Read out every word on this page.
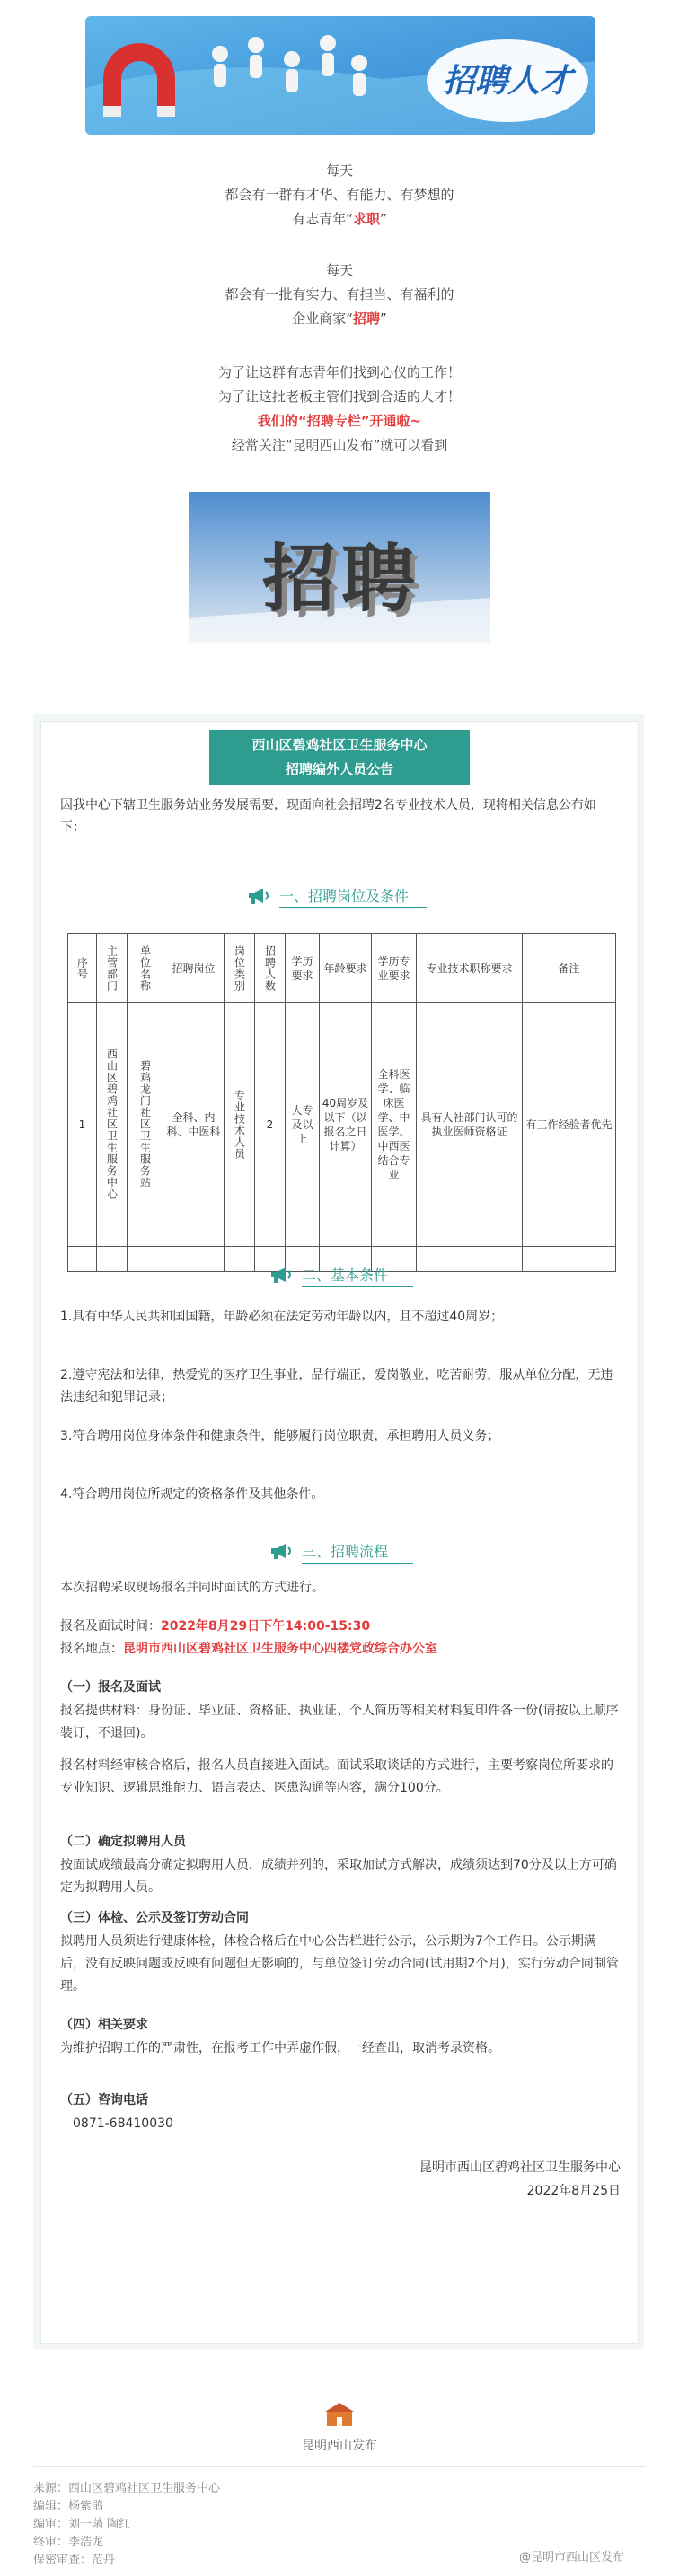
招聘人才
每天
都会有一群有才华、有能力、有梦想的
有志青年“求职”
每天
都会有一批有实力、有担当、有福利的
企业商家“招聘”
为了让这群有志青年们找到心仪的工作！
为了让这批老板主管们找到合适的人才！
我们的“招聘专栏”开通啦~
经常关注“昆明西山发布”就可以看到
招聘
西山区碧鸡社区卫生服务中心
招聘编外人员公告
因我中心下辖卫生服务站业务发展需要，现面向社会招聘2名专业技术人员，现将相关信息公布如下：
一、招聘岗位及条件
序号	主管部门	单位名称	招聘岗位	岗位类别	招聘人数	学历要求	年龄要求	学历专业要求	专业技术职称要求	备注
1	西山区碧鸡社区卫生服务中心	碧鸡龙门社区卫生服务站	全科、内科、中医科	专业技术人员	2	大专及以上	40周岁及以下（以报名之日计算）	全科医学、临床医学、中医学、中西医结合专业	具有人社部门认可的执业医师资格证	有工作经验者优先

二、基本条件
1.具有中华人民共和国国籍，年龄必须在法定劳动年龄以内，且不超过40周岁；
2.遵守宪法和法律，热爱党的医疗卫生事业，品行端正，爱岗敬业，吃苦耐劳，服从单位分配，无违法违纪和犯罪记录；
3.符合聘用岗位身体条件和健康条件，能够履行岗位职责，承担聘用人员义务；
4.符合聘用岗位所规定的资格条件及其他条件。
三、招聘流程
本次招聘采取现场报名并同时面试的方式进行。
报名及面试时间：2022年8月29日下午14:00-15:30
报名地点：昆明市西山区碧鸡社区卫生服务中心四楼党政综合办公室
（一）报名及面试
报名提供材料：身份证、毕业证、资格证、执业证、个人简历等相关材料复印件各一份(请按以上顺序装订，不退回)。
报名材料经审核合格后，报名人员直接进入面试。面试采取谈话的方式进行，主要考察岗位所要求的专业知识、逻辑思维能力、语言表达、医患沟通等内容，满分100分。
（二）确定拟聘用人员
按面试成绩最高分确定拟聘用人员，成绩并列的，采取加试方式解决，成绩须达到70分及以上方可确定为拟聘用人员。
（三）体检、公示及签订劳动合同
拟聘用人员须进行健康体检，体检合格后在中心公告栏进行公示，公示期为7个工作日。公示期满后，没有反映问题或反映有问题但无影响的，与单位签订劳动合同(试用期2个月)，实行劳动合同制管理。
（四）相关要求
为维护招聘工作的严肃性，在报考工作中弄虚作假，一经查出，取消考录资格。
（五）咨询电话
0871-68410030
昆明市西山区碧鸡社区卫生服务中心
2022年8月25日
昆明西山发布
来源：西山区碧鸡社区卫生服务中心
编辑：杨紫鹃
编审：刘一菡 陶红
终审：李浩龙
保密审查：范丹	@昆明市西山区发布
